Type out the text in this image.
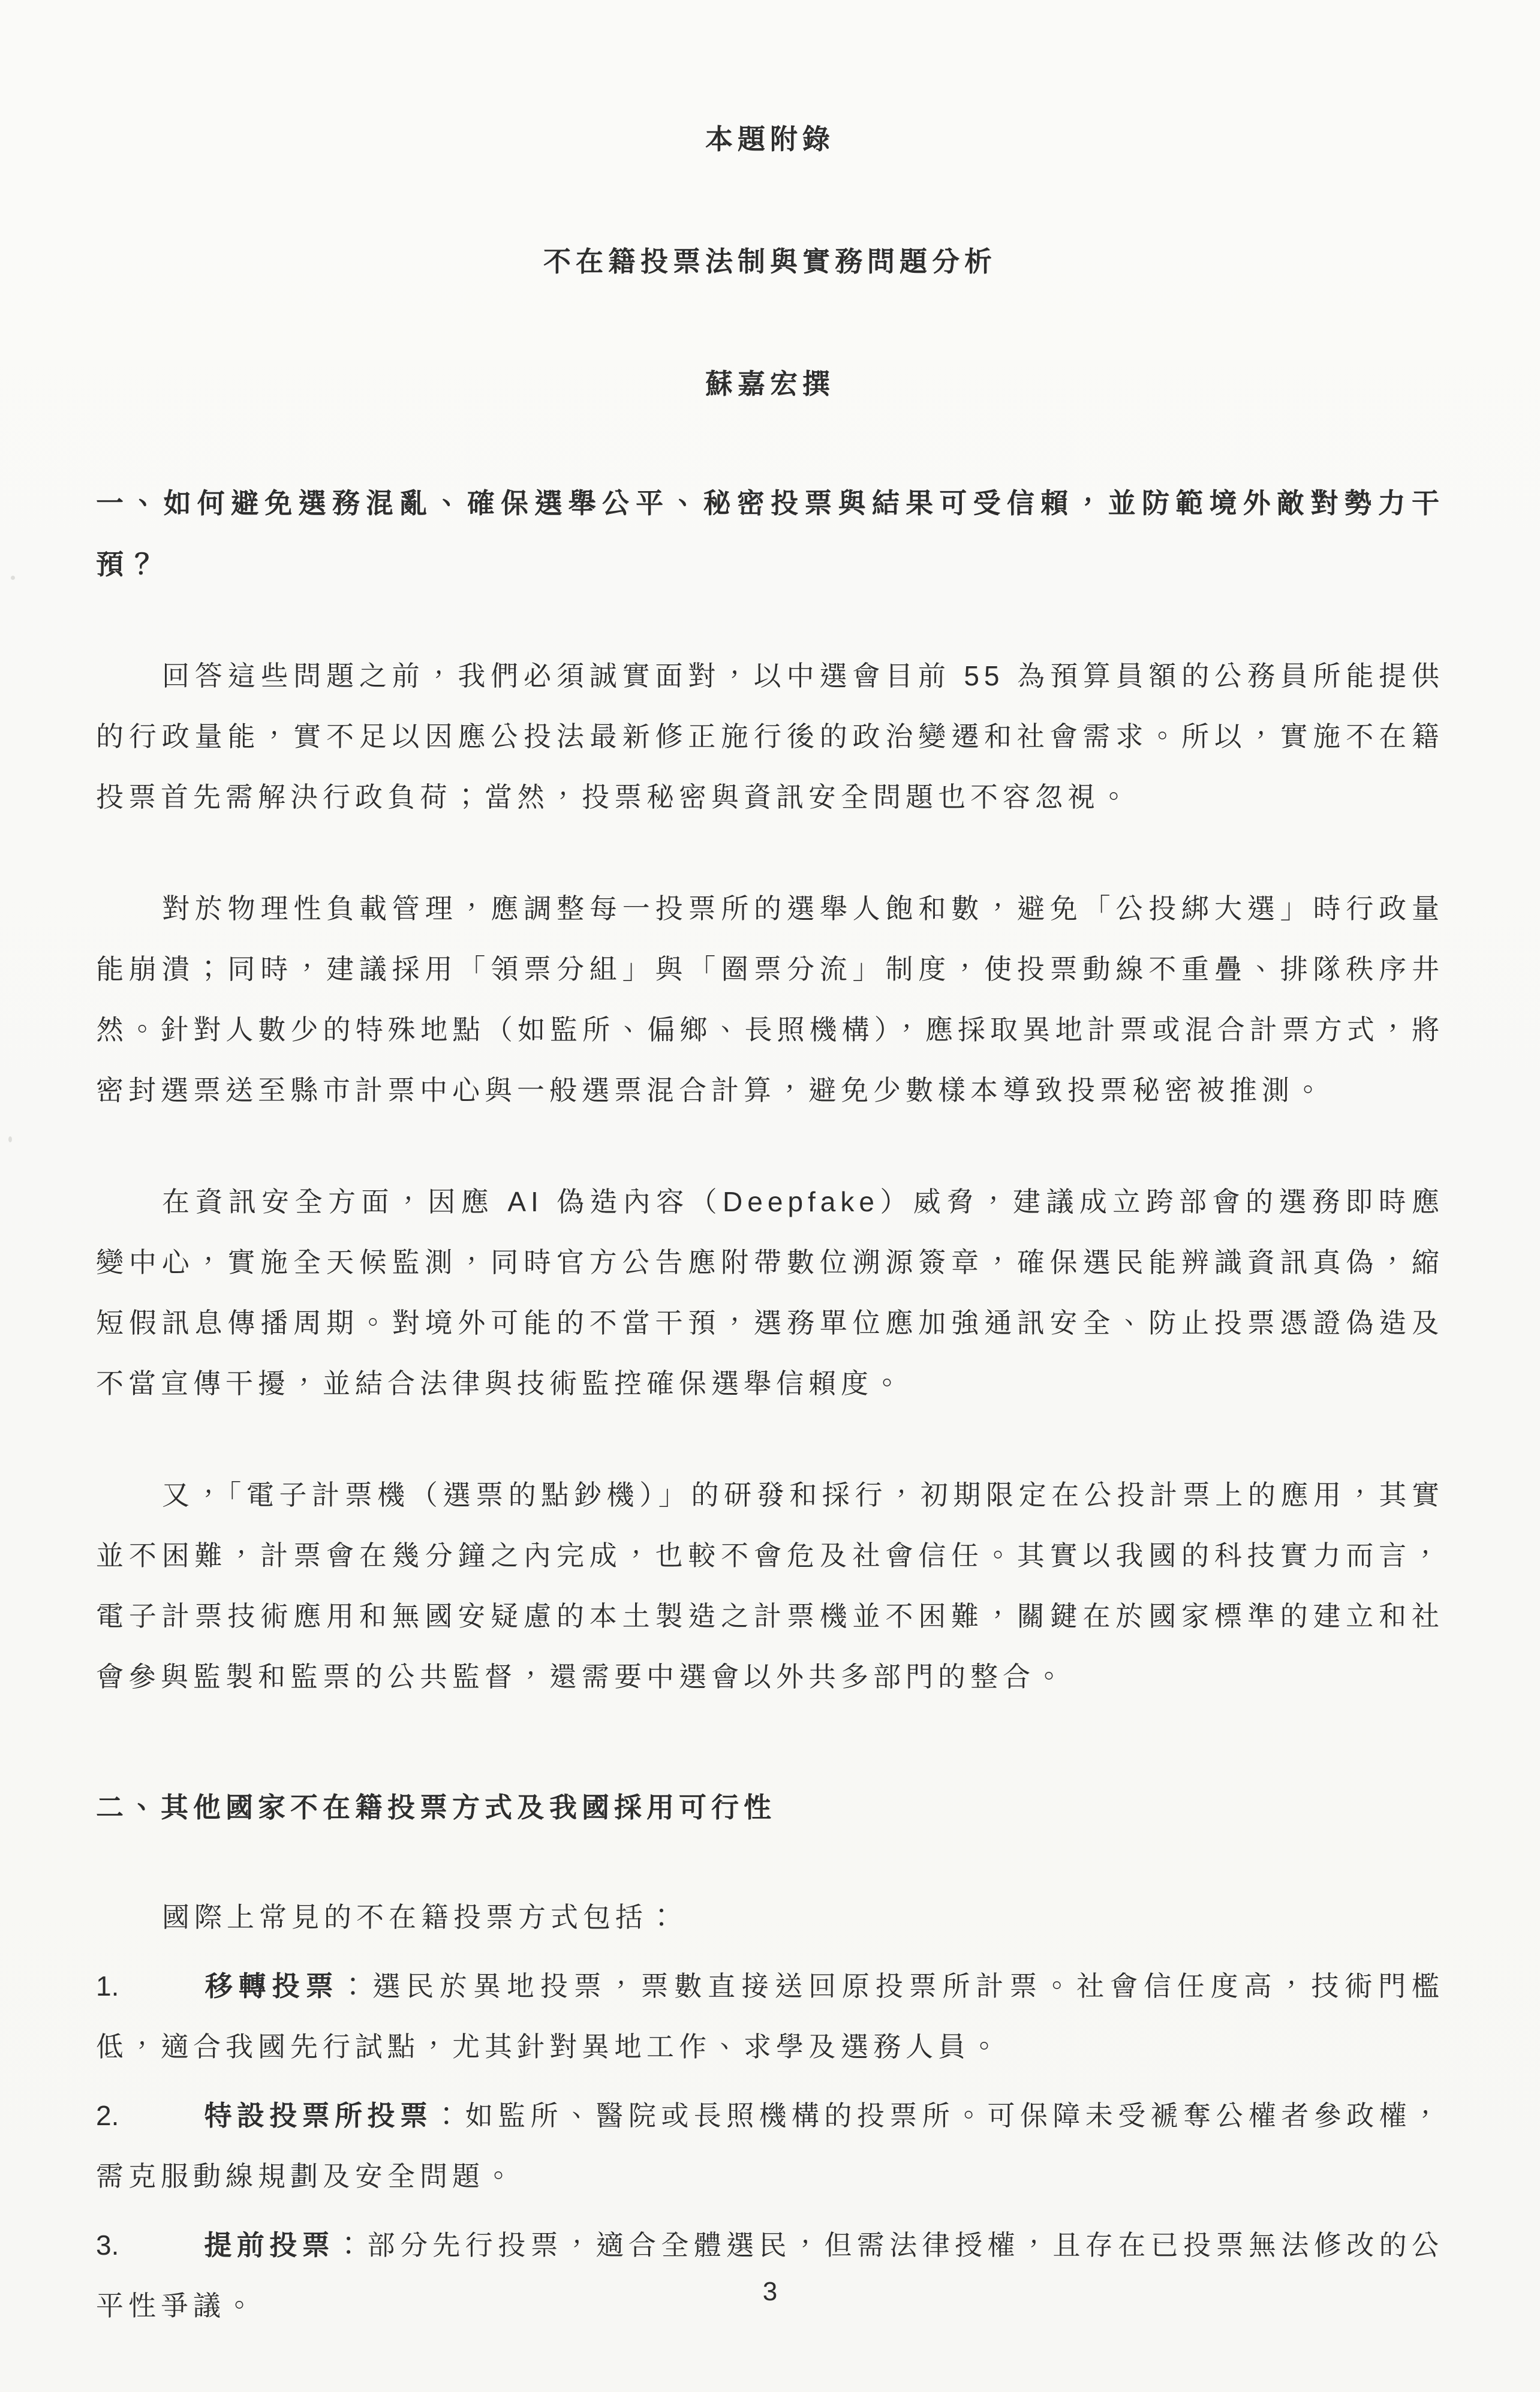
本題附錄
不在籍投票法制與實務問題分析
蘇嘉宏撰
一、如何避免選務混亂、確保選舉公平、秘密投票與結果可受信賴，並防範境外敵對勢力干預？

回答這些問題之前，我們必須誠實面對，以中選會目前 55 為預算員額的公務員所能提供的行政量能，實不足以因應公投法最新修正施行後的政治變遷和社會需求。所以，實施不在籍投票首先需解決行政負荷；當然，投票秘密與資訊安全問題也不容忽視。

對於物理性負載管理，應調整每一投票所的選舉人飽和數，避免「公投綁大選」時行政量能崩潰；同時，建議採用「領票分組」與「圈票分流」制度，使投票動線不重疊、排隊秩序井然。針對人數少的特殊地點（如監所、偏鄉、長照機構），應採取異地計票或混合計票方式，將密封選票送至縣市計票中心與一般選票混合計算，避免少數樣本導致投票秘密被推測。

在資訊安全方面，因應 AI 偽造內容（Deepfake）威脅，建議成立跨部會的選務即時應變中心，實施全天候監測，同時官方公告應附帶數位溯源簽章，確保選民能辨識資訊真偽，縮短假訊息傳播周期。對境外可能的不當干預，選務單位應加強通訊安全、防止投票憑證偽造及不當宣傳干擾，並結合法律與技術監控確保選舉信賴度。

又，「電子計票機（選票的點鈔機）」的研發和採行，初期限定在公投計票上的應用，其實並不困難，計票會在幾分鐘之內完成，也較不會危及社會信任。其實以我國的科技實力而言，電子計票技術應用和無國安疑慮的本土製造之計票機並不困難，關鍵在於國家標準的建立和社會參與監製和監票的公共監督，還需要中選會以外共多部門的整合。

二、其他國家不在籍投票方式及我國採用可行性

國際上常見的不在籍投票方式包括：

1.	移轉投票：選民於異地投票，票數直接送回原投票所計票。社會信任度高，技術門檻低，適合我國先行試點，尤其針對異地工作、求學及選務人員。

2.	特設投票所投票：如監所、醫院或長照機構的投票所。可保障未受褫奪公權者參政權，需克服動線規劃及安全問題。

3.	提前投票：部分先行投票，適合全體選民，但需法律授權，且存在已投票無法修改的公平性爭議。	3
